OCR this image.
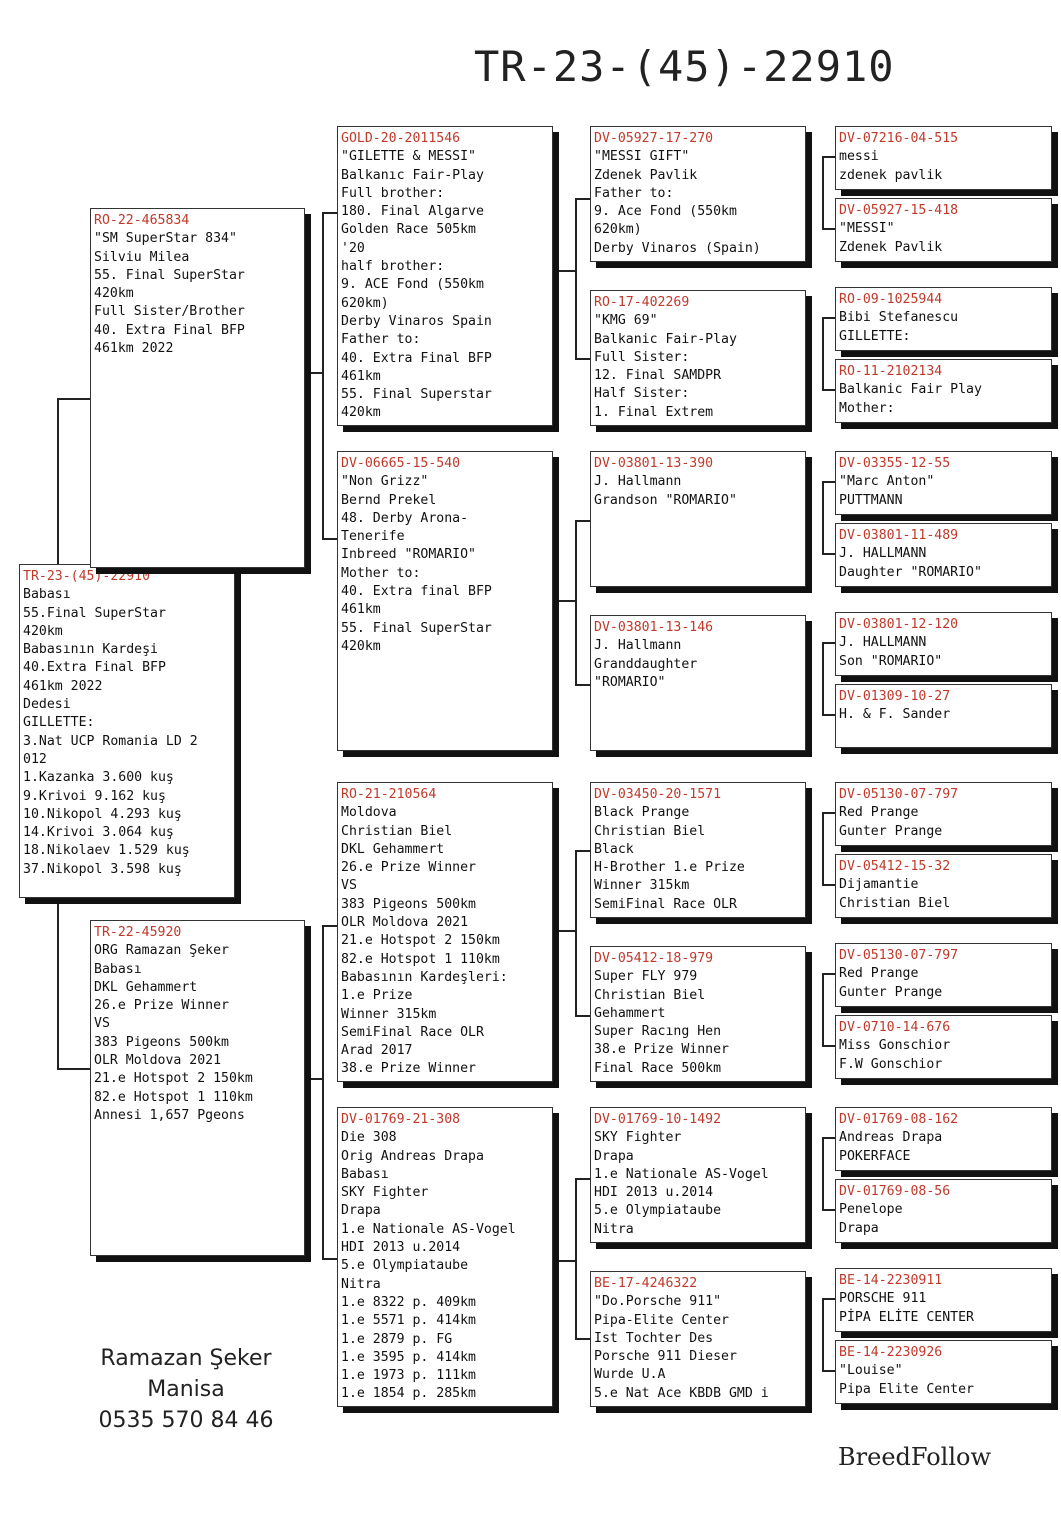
TR-23-(45)-22910
TR-23-(45)-22910
Babası
55.Final SuperStar
420km
Babasının Kardeşi
40.Extra Final BFP
461km 2022
Dedesi
GILLETTE:
3.Nat UCP Romania LD 2
012
1.Kazanka 3.600 kuş
9.Krivoi 9.162 kuş
10.Nikopol 4.293 kuş
14.Krivoi 3.064 kuş
18.Nikolaev 1.529 kuş
37.Nikopol 3.598 kuş
RO-22-465834
"SM SuperStar 834"
Silviu Milea
55. Final SuperStar
420km
Full Sister/Brother
40. Extra Final BFP
461km 2022
TR-22-45920
ORG Ramazan Şeker
Babası
DKL Gehammert
26.e Prize Winner
VS
383 Pigeons 500km
OLR Moldova 2021
21.e Hotspot 2 150km
82.e Hotspot 1 110km
Annesi 1,657 Pgeons
GOLD-20-2011546
"GILETTE & MESSI"
Balkanıc Fair-Play
Full brother:
180. Final Algarve
Golden Race 505km
'20
half brother:
9. ACE Fond (550km
620km)
Derby Vinaros Spain
Father to:
40. Extra Final BFP
461km
55. Final Superstar
420km
DV-06665-15-540
"Non Grizz"
Bernd Prekel
48. Derby Arona-
Tenerife
Inbreed "ROMARIO"
Mother to:
40. Extra final BFP
461km
55. Final SuperStar
420km
RO-21-210564
Moldova
Christian Biel
DKL Gehammert
26.e Prize Winner
VS
383 Pigeons 500km
OLR Moldova 2021
21.e Hotspot 2 150km
82.e Hotspot 1 110km
Babasının Kardeşleri:
1.e Prize
Winner 315km
SemiFinal Race OLR
Arad 2017
38.e Prize Winner
DV-01769-21-308
Die 308
Orig Andreas Drapa
Babası
SKY Fighter
Drapa
1.e Nationale AS-Vogel
HDI 2013 u.2014
5.e Olympiataube
Nitra
1.e 8322 p. 409km
1.e 5571 p. 414km
1.e 2879 p. FG
1.e 3595 p. 414km
1.e 1973 p. 111km
1.e 1854 p. 285km
DV-05927-17-270
"MESSI GIFT"
Zdenek Pavlik
Father to:
9. Ace Fond (550km
620km)
Derby Vinaros (Spain)
RO-17-402269
"KMG 69"
Balkanic Fair-Play
Full Sister:
12. Final SAMDPR
Half Sister:
1. Final Extrem
DV-03801-13-390
J. Hallmann
Grandson "ROMARIO"
DV-03801-13-146
J. Hallmann
Granddaughter
"ROMARIO"
DV-03450-20-1571
Black Prange
Christian Biel
Black
H-Brother 1.e Prize
Winner 315km
SemiFinal Race OLR
DV-05412-18-979
Super FLY 979
Christian Biel
Gehammert
Super Racıng Hen
38.e Prize Winner
Final Race 500km
DV-01769-10-1492
SKY Fighter
Drapa
1.e Nationale AS-Vogel
HDI 2013 u.2014
5.e Olympiataube
Nitra
BE-17-4246322
"Do.Porsche 911"
Pipa-Elite Center
Ist Tochter Des
Porsche 911 Dieser
Wurde U.A
5.e Nat Ace KBDB GMD i
DV-07216-04-515
messi
zdenek pavlik
DV-05927-15-418
"MESSI"
Zdenek Pavlik
RO-09-1025944
Bibi Stefanescu
GILLETTE:
RO-11-2102134
Balkanic Fair Play
Mother:
DV-03355-12-55
"Marc Anton"
PUTTMANN
DV-03801-11-489
J. HALLMANN
Daughter "ROMARIO"
DV-03801-12-120
J. HALLMANN
Son "ROMARIO"
DV-01309-10-27
H. & F. Sander
DV-05130-07-797
Red Prange
Gunter Prange
DV-05412-15-32
Dijamantie
Christian Biel
DV-05130-07-797
Red Prange
Gunter Prange
DV-0710-14-676
Miss Gonschior
F.W Gonschior
DV-01769-08-162
Andreas Drapa
POKERFACE
DV-01769-08-56
Penelope
Drapa
BE-14-2230911
PORSCHE 911
PİPA ELİTE CENTER
BE-14-2230926
"Louise"
Pipa Elite Center
Ramazan Şeker
Manisa
0535 570 84 46
BreedFollow
